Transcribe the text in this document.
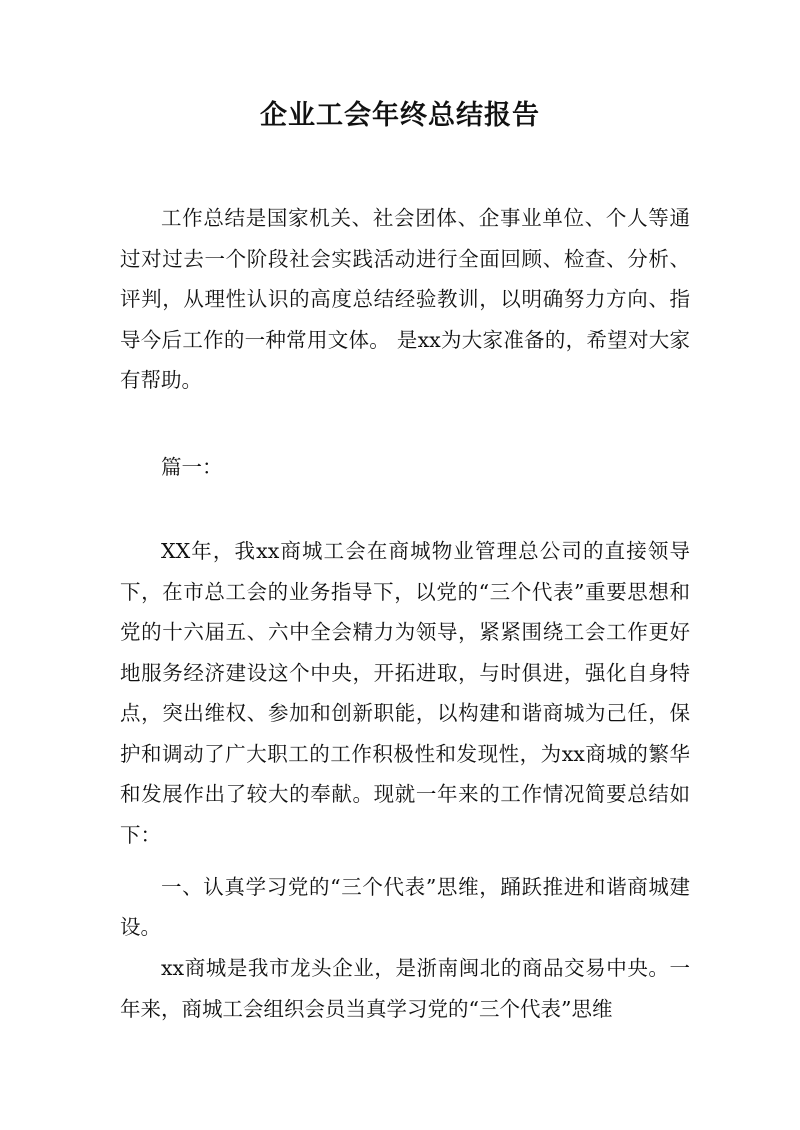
企业工会年终总结报告

工作总结是国家机关、社会团体、企事业单位、个人等通过对过去一个阶段社会实践活动进行全面回顾、检查、分析、评判，从理性认识的高度总结经验教训，以明确努力方向、指导今后工作的一种常用文体。 是xx为大家准备的，希望对大家有帮助。

篇一：

XX年，我xx商城工会在商城物业管理总公司的直接领导下，在市总工会的业务指导下，以党的“三个代表”重要思想和党的十六届五、六中全会精力为领导，紧紧围绕工会工作更好地服务经济建设这个中央，开拓进取，与时俱进，强化自身特点，突出维权、参加和创新职能，以构建和谐商城为己任，保护和调动了广大职工的工作积极性和发现性，为xx商城的繁华和发展作出了较大的奉献。现就一年来的工作情况简要总结如下：

一、认真学习党的“三个代表”思维，踊跃推进和谐商城建设。

xx商城是我市龙头企业，是浙南闽北的商品交易中央。一年来，商城工会组织会员当真学习党的“三个代表”思维
